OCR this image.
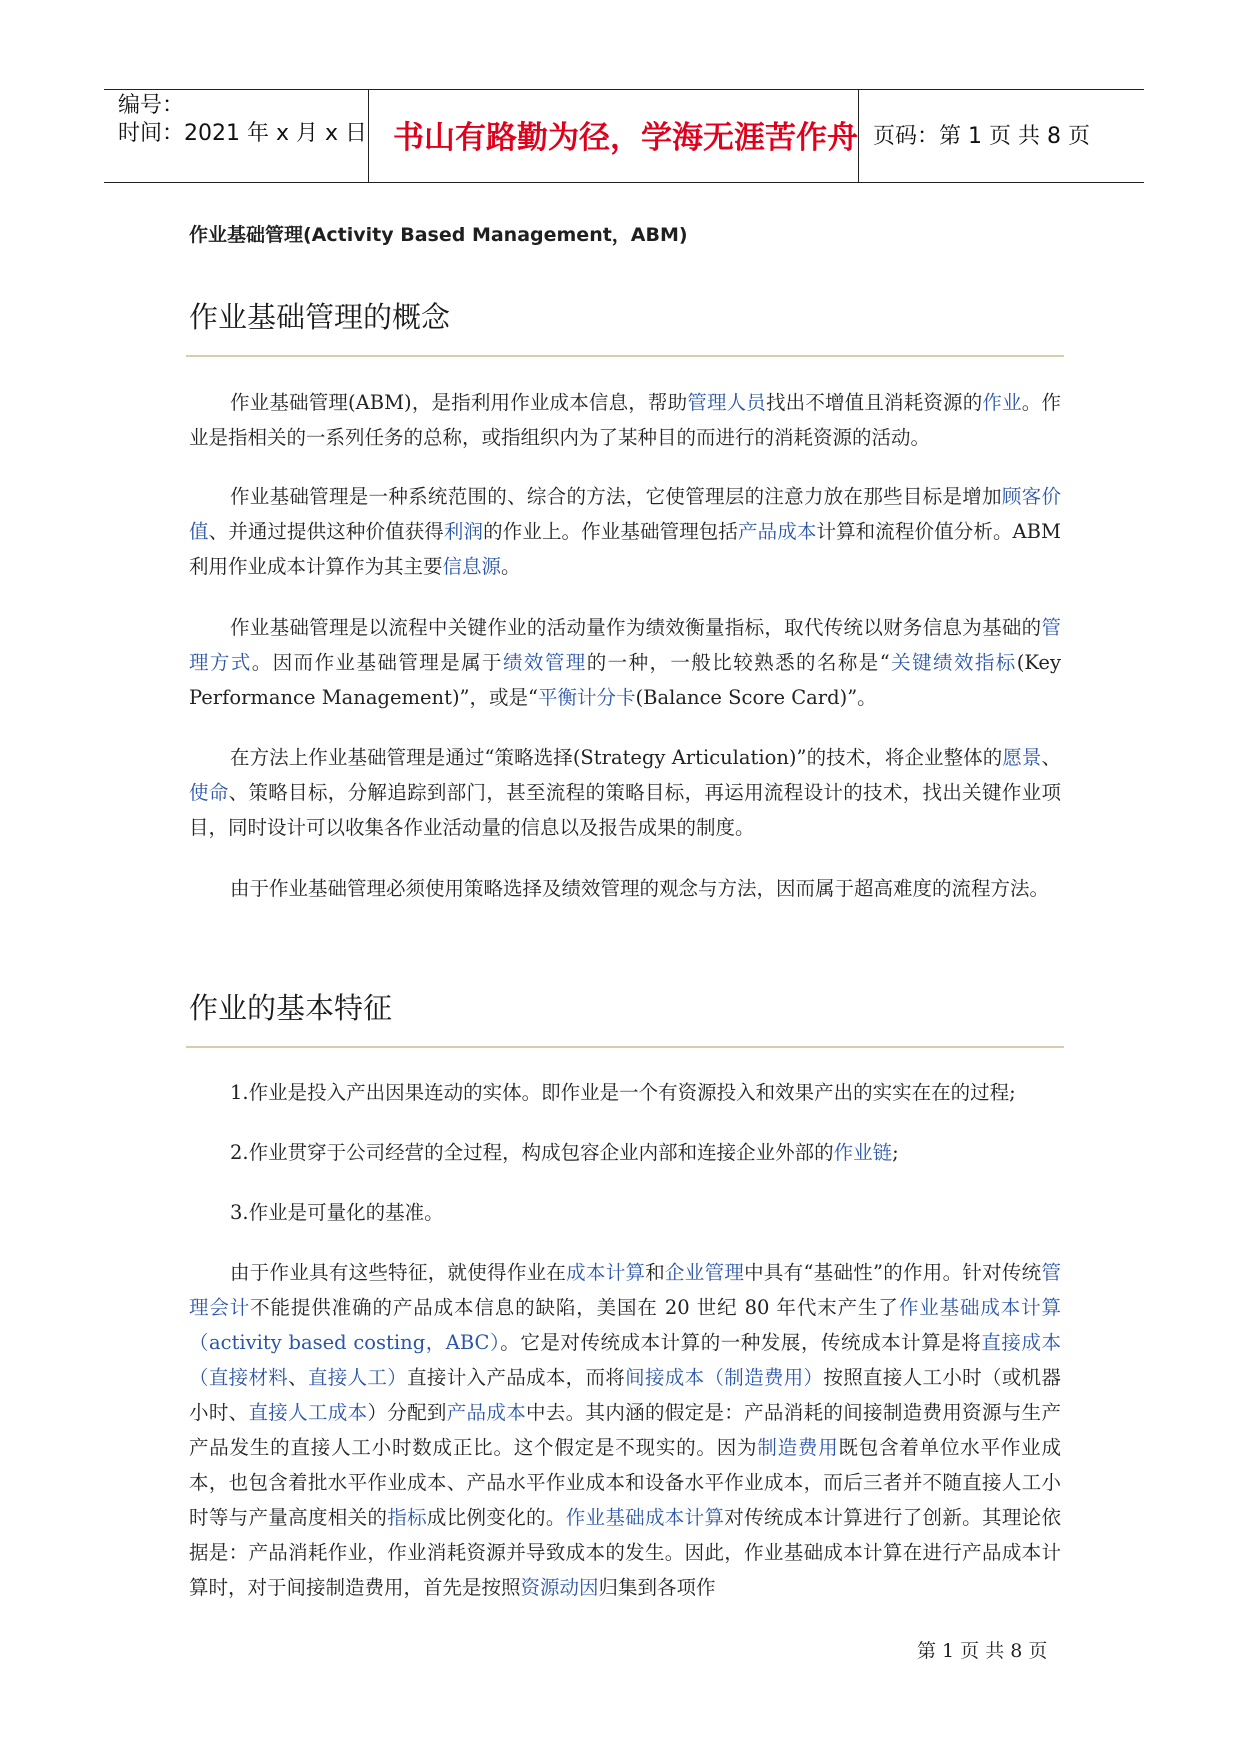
编号：
时间：2021 年 x 月 x 日 书山有路勤为径，学海无涯苦作舟 页码：第 1 页 共 8 页
作业基础管理(Activity Based Management，ABM)
作业基础管理的概念

作业基础管理(ABM)，是指利用作业成本信息，帮助管理人员找出不增值且消耗资源的作业。作业是指相关的一系列任务的总称，或指组织内为了某种目的而进行的消耗资源的活动。

作业基础管理是一种系统范围的、综合的方法，它使管理层的注意力放在那些目标是增加顾客价值、并通过提供这种价值获得利润的作业上。作业基础管理包括产品成本计算和流程价值分析。ABM 利用作业成本计算作为其主要信息源。

作业基础管理是以流程中关键作业的活动量作为绩效衡量指标，取代传统以财务信息为基础的管理方式。因而作业基础管理是属于绩效管理的一种，一般比较熟悉的名称是“关键绩效指标(Key Performance Management)”，或是“平衡计分卡(Balance Score Card)”。

在方法上作业基础管理是通过“策略选择(Strategy Articulation)”的技术，将企业整体的愿景、使命、策略目标，分解追踪到部门，甚至流程的策略目标，再运用流程设计的技术，找出关键作业项目，同时设计可以收集各作业活动量的信息以及报告成果的制度。

由于作业基础管理必须使用策略选择及绩效管理的观念与方法，因而属于超高难度的流程方法。

作业的基本特征
1.作业是投入产出因果连动的实体。即作业是一个有资源投入和效果产出的实实在在的过程;
2.作业贯穿于公司经营的全过程，构成包容企业内部和连接企业外部的作业链;
3.作业是可量化的基准。

由于作业具有这些特征，就使得作业在成本计算和企业管理中具有“基础性”的作用。针对传统管理会计不能提供准确的产品成本信息的缺陷，美国在 20 世纪 80 年代末产生了作业基础成本计算（activity based costing，ABC）。它是对传统成本计算的一种发展，传统成本计算是将直接成本（直接材料、直接人工）直接计入产品成本，而将间接成本（制造费用）按照直接人工小时（或机器小时、直接人工成本）分配到产品成本中去。其内涵的假定是：产品消耗的间接制造费用资源与生产产品发生的直接人工小时数成正比。这个假定是不现实的。因为制造费用既包含着单位水平作业成本，也包含着批水平作业成本、产品水平作业成本和设备水平作业成本，而后三者并不随直接人工小时等与产量高度相关的指标成比例变化的。作业基础成本计算对传统成本计算进行了创新。其理论依据是：产品消耗作业，作业消耗资源并导致成本的发生。因此，作业基础成本计算在进行产品成本计算时，对于间接制造费用，首先是按照资源动因归集到各项作

第 1 页 共 8 页
